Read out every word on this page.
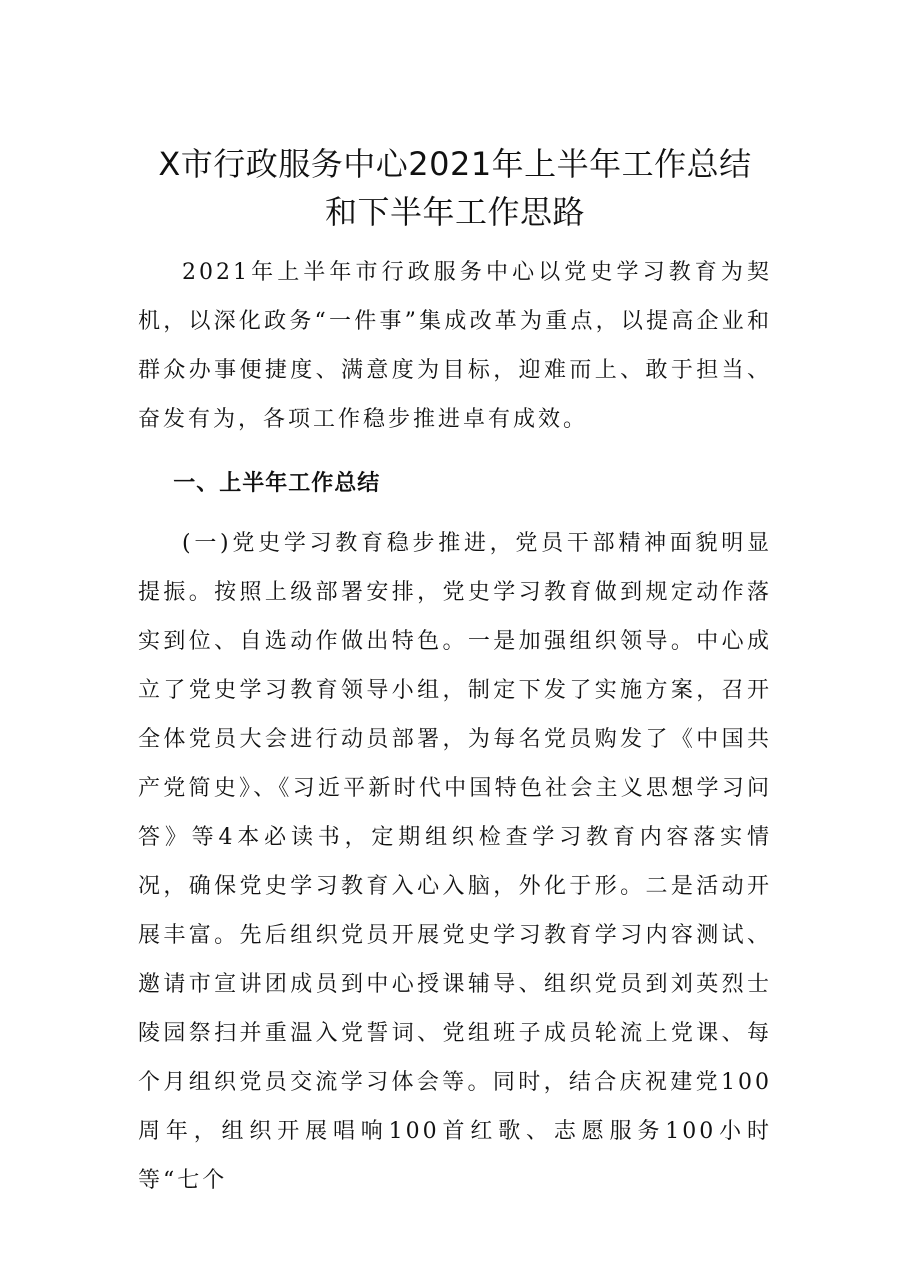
X市行政服务中心2021年上半年工作总结
和下半年工作思路

2021年上半年市行政服务中心以党史学习教育为契机，以深化政务“一件事”集成改革为重点，以提高企业和群众办事便捷度、满意度为目标，迎难而上、敢于担当、奋发有为，各项工作稳步推进卓有成效。

一、上半年工作总结

(一)党史学习教育稳步推进，党员干部精神面貌明显提振。按照上级部署安排，党史学习教育做到规定动作落实到位、自选动作做出特色。一是加强组织领导。中心成立了党史学习教育领导小组，制定下发了实施方案，召开全体党员大会进行动员部署，为每名党员购发了《中国共产党简史》、《习近平新时代中国特色社会主义思想学习问答》等4本必读书，定期组织检查学习教育内容落实情况，确保党史学习教育入心入脑，外化于形。二是活动开展丰富。先后组织党员开展党史学习教育学习内容测试、邀请市宣讲团成员到中心授课辅导、组织党员到刘英烈士陵园祭扫并重温入党誓词、党组班子成员轮流上党课、每个月组织党员交流学习体会等。同时，结合庆祝建党100周年，组织开展唱响100首红歌、志愿服务100小时等“七个
